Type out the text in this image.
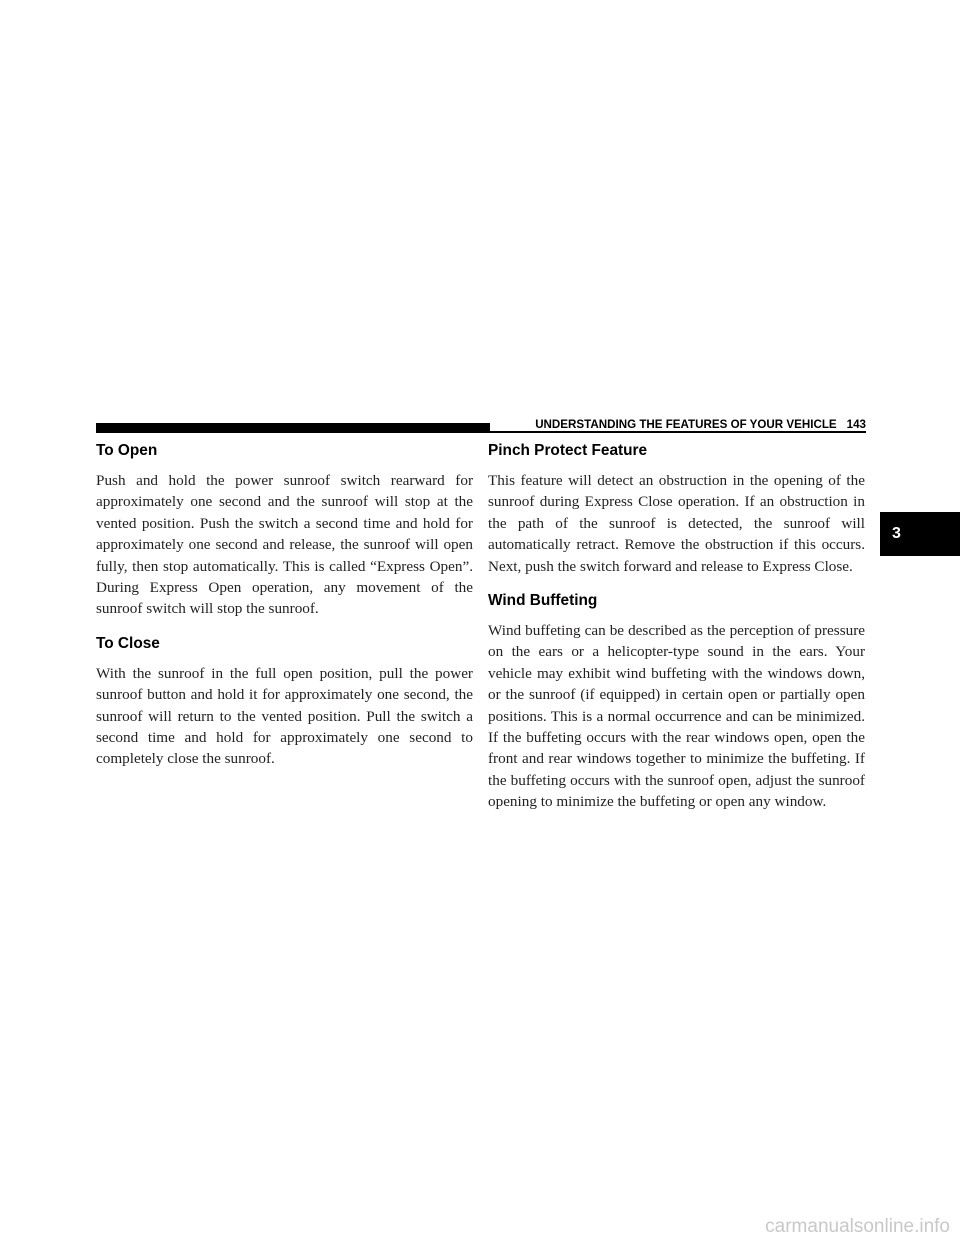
UNDERSTANDING THE FEATURES OF YOUR VEHICLE 143
To Open

Push and hold the power sunroof switch rearward for approximately one second and the sunroof will stop at the vented position. Push the switch a second time and hold for approximately one second and release, the sunroof will open fully, then stop automatically. This is called “Express Open”. During Express Open operation, any movement of the sunroof switch will stop the sunroof.

To Close

With the sunroof in the full open position, pull the power sunroof button and hold it for approximately one second, the sunroof will return to the vented position. Pull the switch a second time and hold for approximately one second to completely close the sunroof.

Pinch Protect Feature

This feature will detect an obstruction in the opening of the sunroof during Express Close operation. If an obstruction in the path of the sunroof is detected, the sunroof will automatically retract. Remove the obstruction if this occurs. Next, push the switch forward and release to Express Close.

Wind Buffeting

Wind buffeting can be described as the perception of pressure on the ears or a helicopter-type sound in the ears. Your vehicle may exhibit wind buffeting with the windows down, or the sunroof (if equipped) in certain open or partially open positions. This is a normal occurrence and can be minimized. If the buffeting occurs with the rear windows open, open the front and rear windows together to minimize the buffeting. If the buffeting occurs with the sunroof open, adjust the sunroof opening to minimize the buffeting or open any window.

3
carmanualsonline.info
